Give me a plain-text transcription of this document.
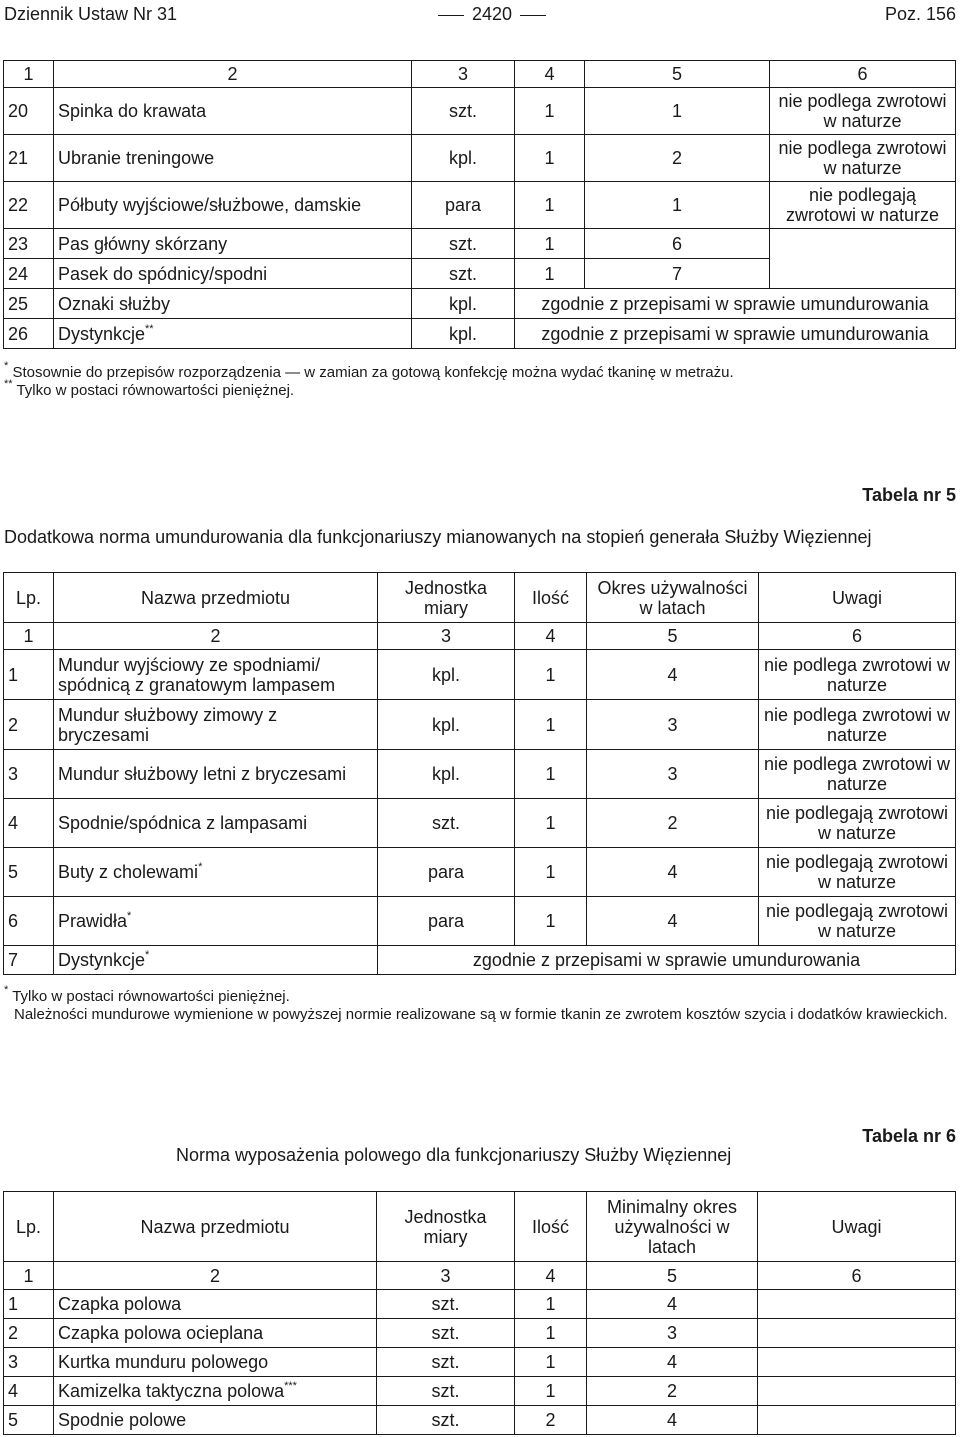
Dziennik Ustaw Nr 31	2420	Poz. 156
1	2	3	4	5	6
20	Spinka do krawata	szt.	1	1	nie podlega zwrotowi w naturze
21	Ubranie treningowe	kpl.	1	2	nie podlega zwrotowi w naturze
22	Półbuty wyjściowe/służbowe, damskie	para	1	1	nie podlegają zwrotowi w naturze
23	Pas główny skórzany	szt.	1	6	
24	Pasek do spódnicy/spodni	szt.	1	7	
25	Oznaki służby	kpl.	zgodnie z przepisami w sprawie umundurowania		
26	Dystynkcje**	kpl.	zgodnie z przepisami w sprawie umundurowania		
* Stosownie do przepisów rozporządzenia — w zamian za gotową konfekcję można wydać tkaninę w metrażu.
** Tylko w postaci równowartości pieniężnej.
Tabela nr 5
Dodatkowa norma umundurowania dla funkcjonariuszy mianowanych na stopień generała Służby Więziennej
Lp.	Nazwa przedmiotu	Jednostka miary	Ilość	Okres używalności w latach	Uwagi
1	2	3	4	5	6
1	Mundur wyjściowy ze spodniami/ spódnicą z granatowym lampasem	kpl.	1	4	nie podlega zwrotowi w naturze
2	Mundur służbowy zimowy z bryczesami	kpl.	1	3	nie podlega zwrotowi w naturze
3	Mundur służbowy letni z bryczesami	kpl.	1	3	nie podlega zwrotowi w naturze
4	Spodnie/spódnica z lampasami	szt.	1	2	nie podlegają zwrotowi w naturze
5	Buty z cholewami*	para	1	4	nie podlegają zwrotowi w naturze
6	Prawidła*	para	1	4	nie podlegają zwrotowi w naturze
7	Dystynkcje*	zgodnie z przepisami w sprawie umundurowania			
* Tylko w postaci równowartości pieniężnej.
Należności mundurowe wymienione w powyższej normie realizowane są w formie tkanin ze zwrotem kosztów szycia i dodatków krawieckich.
Tabela nr 6
Norma wyposażenia polowego dla funkcjonariuszy Służby Więziennej
Lp.	Nazwa przedmiotu	Jednostka miary	Ilość	Minimalny okres używalności w latach	Uwagi
1	2	3	4	5	6
1	Czapka polowa	szt.	1	4	
2	Czapka polowa ocieplana	szt.	1	3	
3	Kurtka munduru polowego	szt.	1	4	
4	Kamizelka taktyczna polowa***	szt.	1	2	
5	Spodnie polowe	szt.	2	4	
